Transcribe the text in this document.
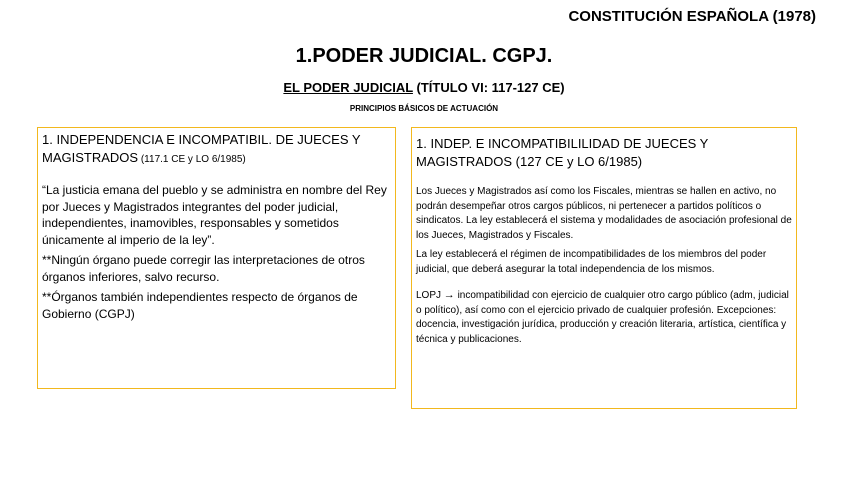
CONSTITUCIÓN ESPAÑOLA (1978)
1.PODER JUDICIAL. CGPJ.
EL PODER JUDICIAL (TÍTULO VI: 117-127 CE)
PRINCIPIOS BÁSICOS DE ACTUACIÓN

1. INDEPENDENCIA E INCOMPATIBIL. DE JUECES Y MAGISTRADOS (117.1 CE y LO 6/1985)

“La justicia emana del pueblo y se administra en nombre del Rey por Jueces y Magistrados integrantes del poder judicial, independientes, inamovibles, responsables y sometidos únicamente al imperio de la ley”.

**Ningún órgano puede corregir las interpretaciones de otros órganos inferiores, salvo recurso.

**Órganos también independientes respecto de órganos de Gobierno (CGPJ)

1. INDEP. E INCOMPATIBILILIDAD DE JUECES Y MAGISTRADOS (127 CE y LO 6/1985)

Los Jueces y Magistrados así como los Fiscales, mientras se hallen en activo, no podrán desempeñar otros cargos públicos, ni pertenecer a partidos políticos o sindicatos. La ley establecerá el sistema y modalidades de asociación profesional de los Jueces, Magistrados y Fiscales.

La ley establecerá el régimen de incompatibilidades de los miembros del poder judicial, que deberá asegurar la total independencia de los mismos.

LOPJ → incompatibilidad con ejercicio de cualquier otro cargo público (adm, judicial o político), así como con el ejercicio privado de cualquier profesión. Excepciones: docencia, investigación jurídica, producción y creación literaria, artística, científica y técnica y publicaciones.
